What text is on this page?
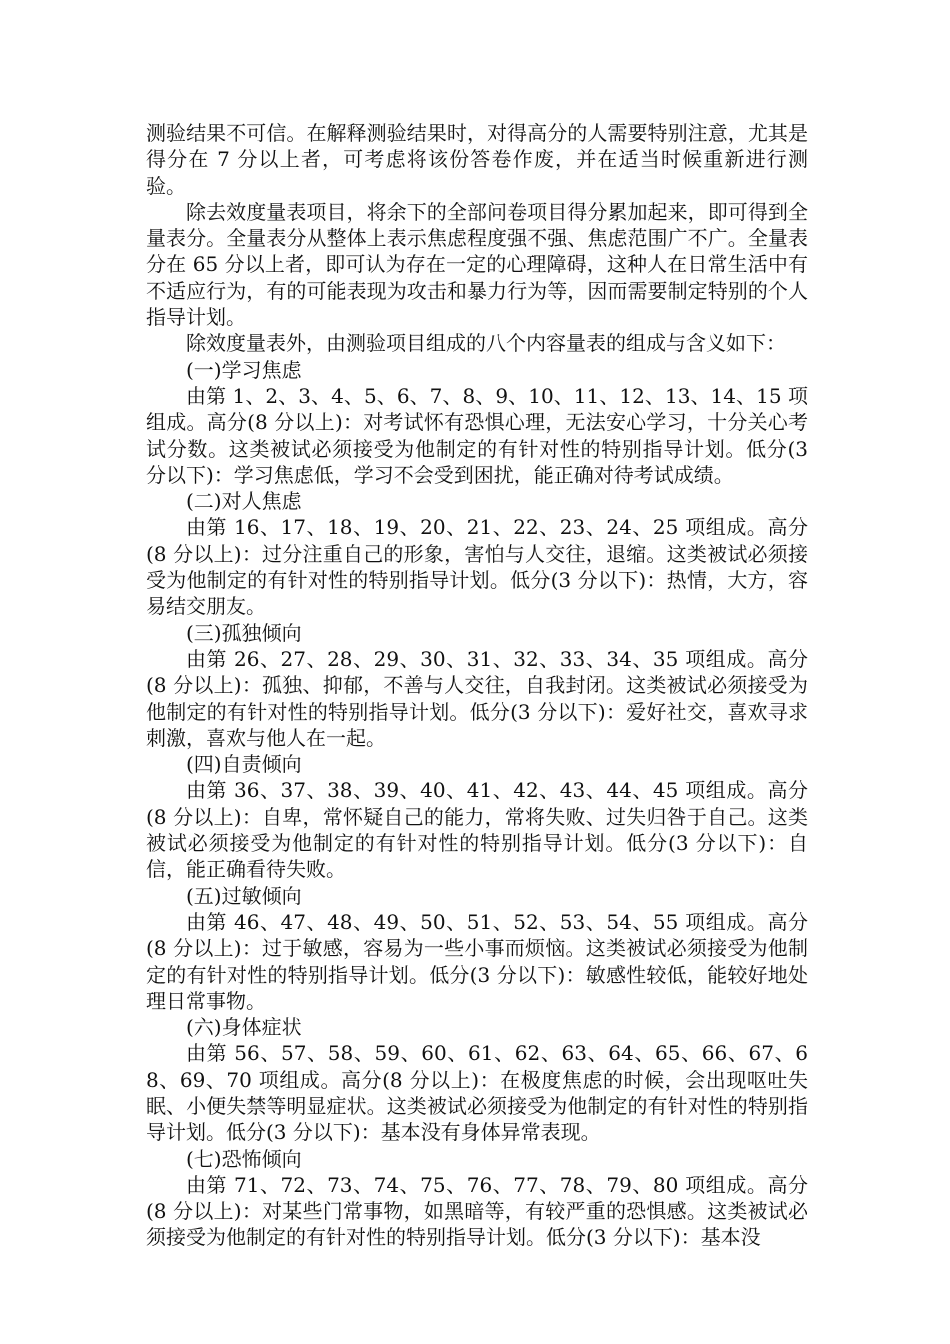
测验结果不可信。在解释测验结果时，对得高分的人需要特别注意，尤其是得分在 7 分以上者，可考虑将该份答卷作废，并在适当时候重新进行测验。

除去效度量表项目，将余下的全部问卷项目得分累加起来，即可得到全量表分。全量表分从整体上表示焦虑程度强不强、焦虑范围广不广。全量表分在 65 分以上者，即可认为存在一定的心理障碍，这种人在日常生活中有不适应行为，有的可能表现为攻击和暴力行为等，因而需要制定特别的个人指导计划。

除效度量表外，由测验项目组成的八个内容量表的组成与含义如下：

(一)学习焦虑

由第 1、2、3、4、5、6、7、8、9、10、11、12、13、14、15 项组成。高分(8 分以上)：对考试怀有恐惧心理，无法安心学习，十分关心考试分数。这类被试必须接受为他制定的有针对性的特别指导计划。低分(3 分以下)：学习焦虑低，学习不会受到困扰，能正确对待考试成绩。

(二)对人焦虑

由第 16、17、18、19、20、21、22、23、24、25 项组成。高分(8 分以上)：过分注重自己的形象，害怕与人交往，退缩。这类被试必须接受为他制定的有针对性的特别指导计划。低分(3 分以下)：热情，大方，容易结交朋友。

(三)孤独倾向

由第 26、27、28、29、30、31、32、33、34、35 项组成。高分(8 分以上)：孤独、抑郁，不善与人交往，自我封闭。这类被试必须接受为他制定的有针对性的特别指导计划。低分(3 分以下)：爱好社交，喜欢寻求刺激，喜欢与他人在一起。

(四)自责倾向

由第 36、37、38、39、40、41、42、43、44、45 项组成。高分(8 分以上)：自卑，常怀疑自己的能力，常将失败、过失归咎于自己。这类被试必须接受为他制定的有针对性的特别指导计划。低分(3 分以下)：自信，能正确看待失败。

(五)过敏倾向

由第 46、47、48、49、50、51、52、53、54、55 项组成。高分(8 分以上)：过于敏感，容易为一些小事而烦恼。这类被试必须接受为他制定的有针对性的特别指导计划。低分(3 分以下)：敏感性较低，能较好地处理日常事物。

(六)身体症状

由第 56、57、58、59、60、61、62、63、64、65、66、67、68、69、70 项组成。高分(8 分以上)：在极度焦虑的时候，会出现呕吐失眠、小便失禁等明显症状。这类被试必须接受为他制定的有针对性的特别指导计划。低分(3 分以下)：基本没有身体异常表现。

(七)恐怖倾向

由第 71、72、73、74、75、76、77、78、79、80 项组成。高分(8 分以上)：对某些门常事物，如黑暗等，有较严重的恐惧感。这类被试必须接受为他制定的有针对性的特别指导计划。低分(3 分以下)：基本没
